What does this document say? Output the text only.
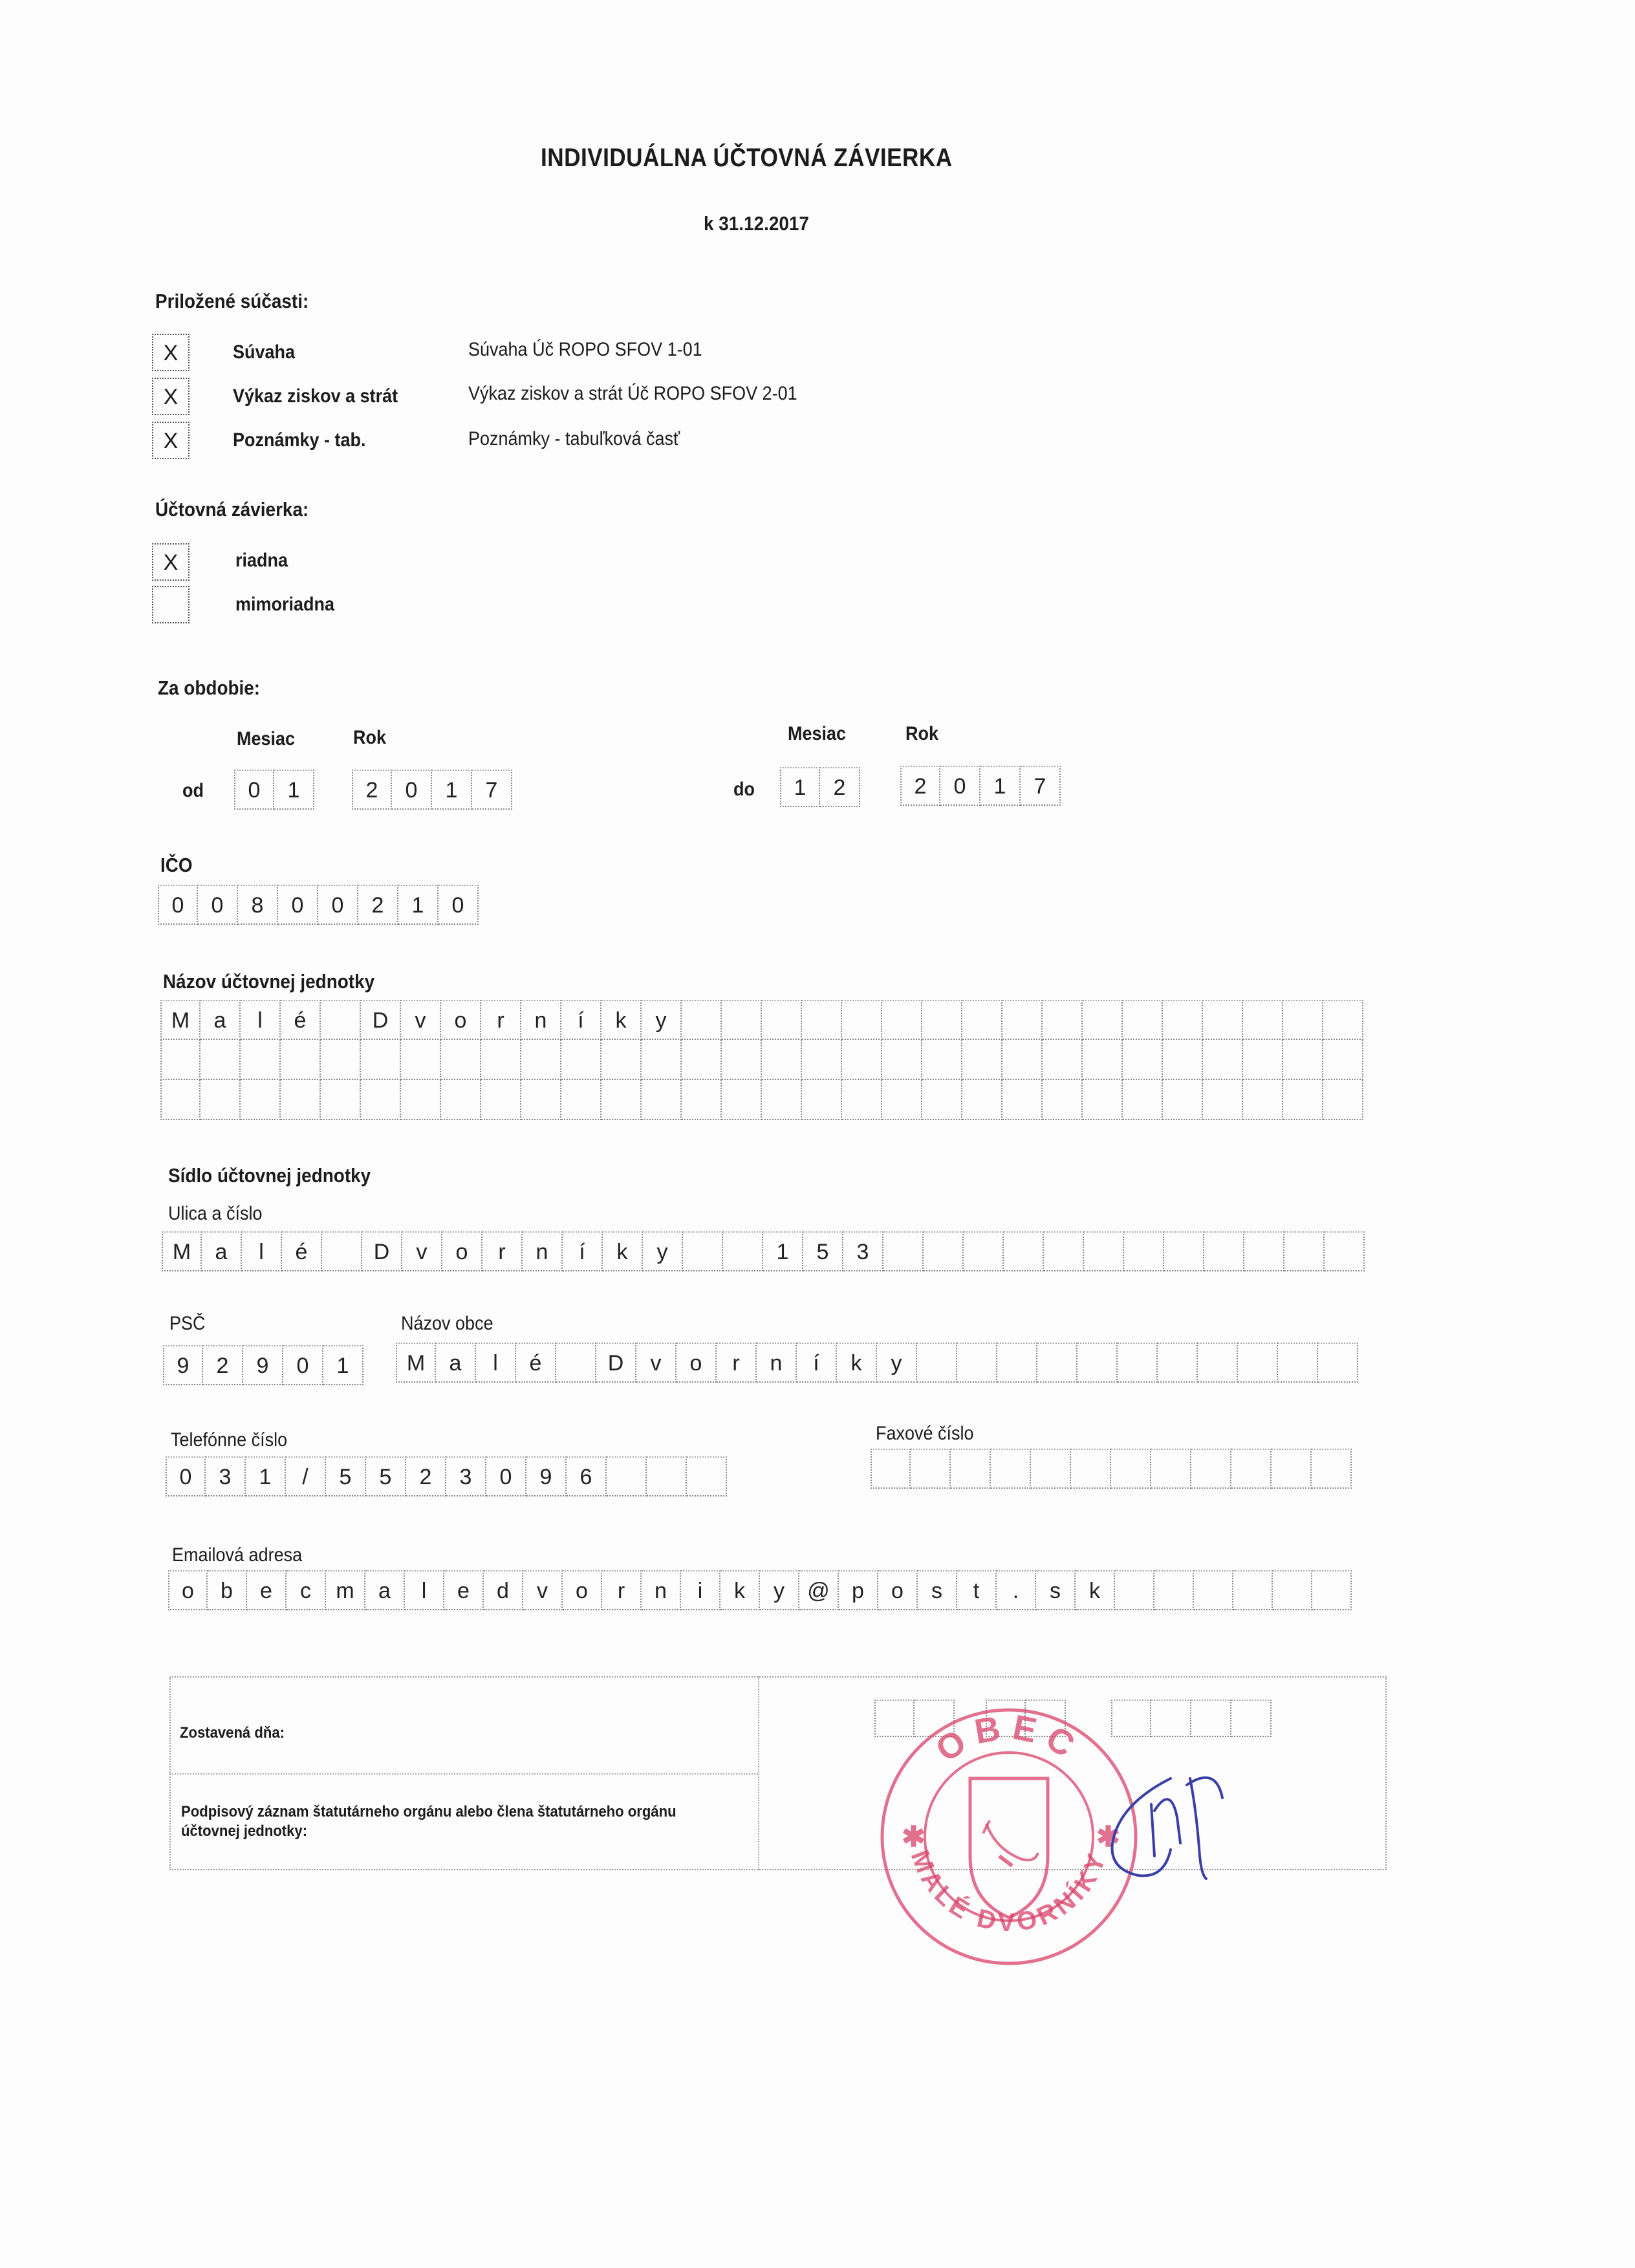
INDIVIDUÁLNA ÚČTOVNÁ ZÁVIERKA
k 31.12.2017
Priložené súčasti:
X	Súvaha	Súvaha Úč ROPO SFOV 1-01
X	Výkaz ziskov a strát	Výkaz ziskov a strát Úč ROPO SFOV 2-01
X	Poznámky - tab.	Poznámky - tabuľková časť
Účtovná závierka:
X	riadna
mimoriadna
Za obdobie:
Mesiac	Rok	Mesiac	Rok
od	0	1	2	0	1	7	do	1	2	2	0	1	7
IČO
0	0	8	0	0	2	1	0
Názov účtovnej jednotky
M	a	l	é	D	v	o	r	n	í	k	y
Sídlo účtovnej jednotky
Ulica a číslo
M	a	l	é	D	v	o	r	n	í	k	y	1	5	3
PSČ	Názov obce
9	2	9	0	1	M	a	l	é	D	v	o	r	n	í	k	y
Telefónne číslo	Faxové číslo
0	3	1	/	5	5	2	3	0	9	6
Emailová adresa
o	b	e	c	m	a	l	e	d	v	o	r	n	i	k	y	@	p	o	s	t	.	s	k
Zostavená dňa:
Podpisový záznam štatutárneho orgánu alebo člena štatutárneho orgánu účtovnej jednotky:
OBEC
MALÉ DVORNÍKY
✱	✱
